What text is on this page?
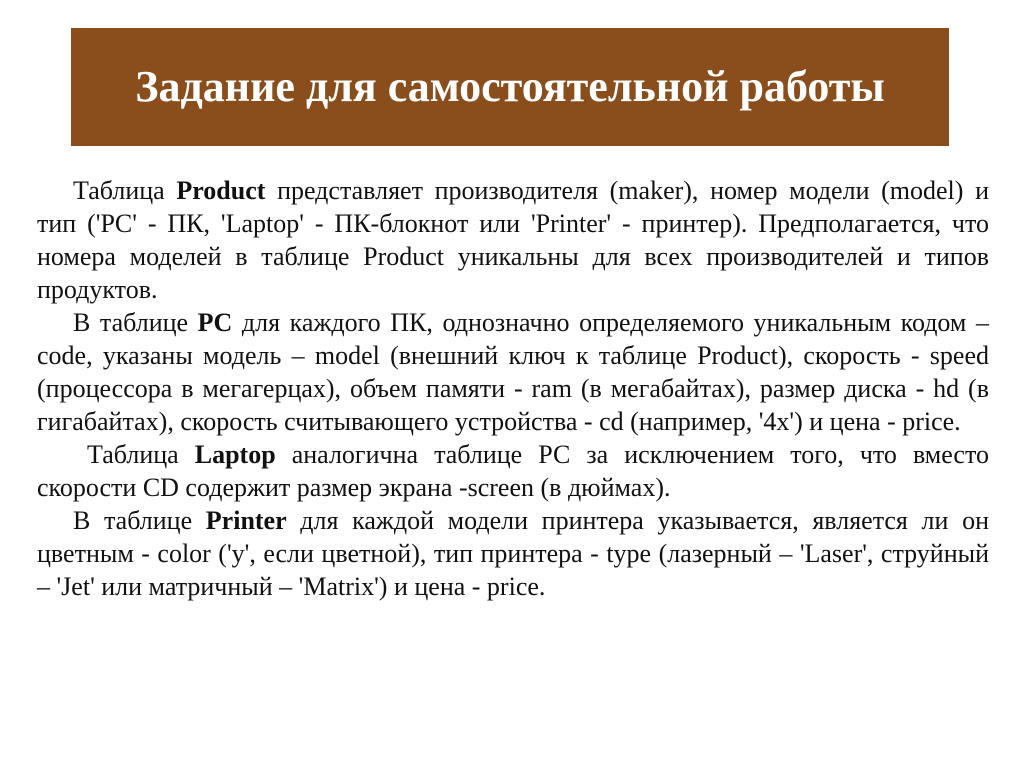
Задание для самостоятельной работы

Таблица Product представляет производителя (maker), номер модели (model) и тип ('PC' - ПК, 'Laptop' - ПК-блокнот или 'Printer' - принтер). Предполагается, что номера моделей в таблице Product уникальны для всех производителей и типов продуктов.

В таблице PC для каждого ПК, однозначно определяемого уникальным кодом – code, указаны модель – model (внешний ключ к таблице Product), скорость - speed (процессора в мегагерцах), объем памяти - ram (в мегабайтах), размер диска - hd (в гигабайтах), скорость считывающего устройства - cd (например, '4x') и цена - price.

Таблица Laptop аналогична таблице РС за исключением того, что вместо скорости CD содержит размер экрана -screen (в дюймах).

В таблице Printer для каждой модели принтера указывается, является ли он цветным - color ('y', если цветной), тип принтера - type (лазерный – 'Laser', струйный – 'Jet' или матричный – 'Matrix') и цена - price.
